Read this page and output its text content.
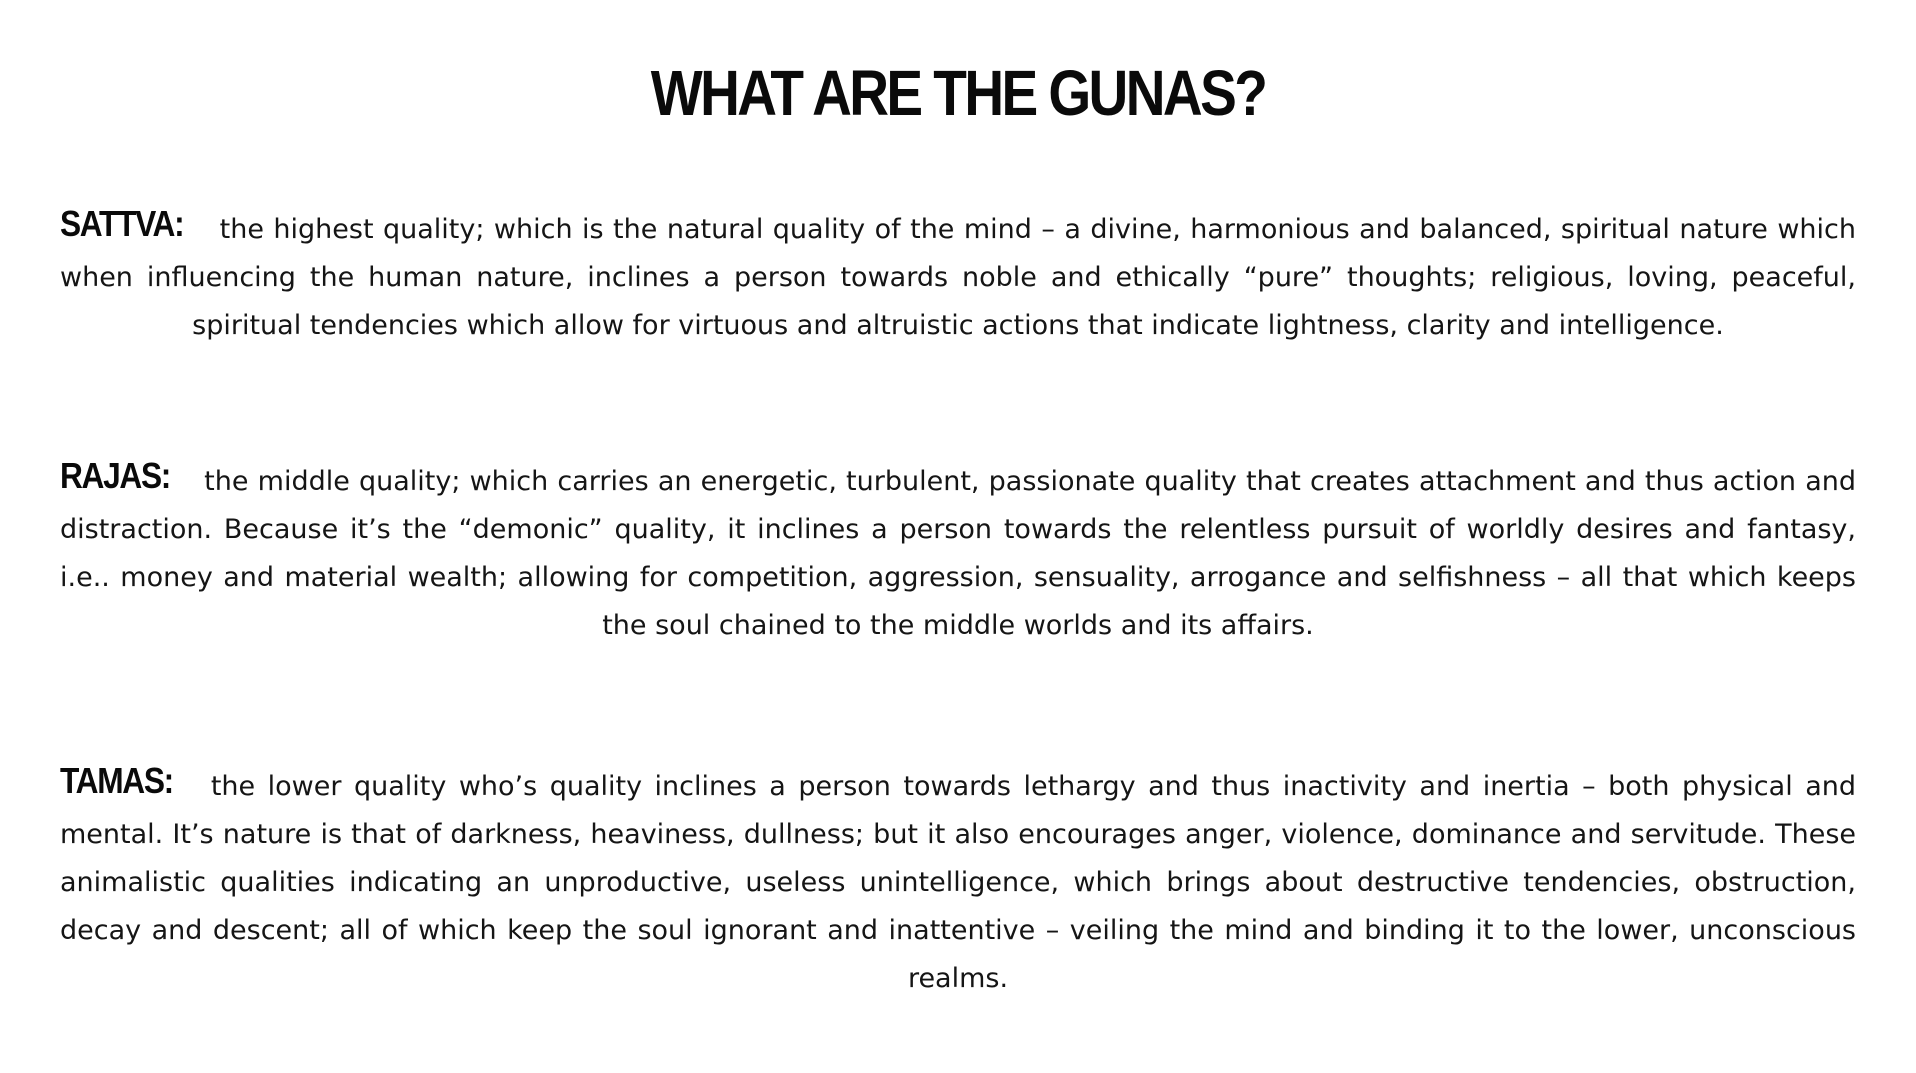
WHAT ARE THE GUNAS?

SATTVA: the highest quality; which is the natural quality of the mind – a divine, harmonious and balanced, spiritual nature which when influencing the human nature, inclines a person towards noble and ethically “pure” thoughts; religious, loving, peaceful, spiritual tendencies which allow for virtuous and altruistic actions that indicate lightness, clarity and intelligence.

RAJAS: the middle quality; which carries an energetic, turbulent, passionate quality that creates attachment and thus action and distraction. Because it’s the “demonic” quality, it inclines a person towards the relentless pursuit of worldly desires and fantasy, i.e.. money and material wealth; allowing for competition, aggression, sensuality, arrogance and selfishness – all that which keeps the soul chained to the middle worlds and its affairs.

TAMAS: the lower quality who’s quality inclines a person towards lethargy and thus inactivity and inertia – both physical and mental. It’s nature is that of darkness, heaviness, dullness; but it also encourages anger, violence, dominance and servitude. These animalistic qualities indicating an unproductive, useless unintelligence, which brings about destructive tendencies, obstruction, decay and descent; all of which keep the soul ignorant and inattentive – veiling the mind and binding it to the lower, unconscious realms.
